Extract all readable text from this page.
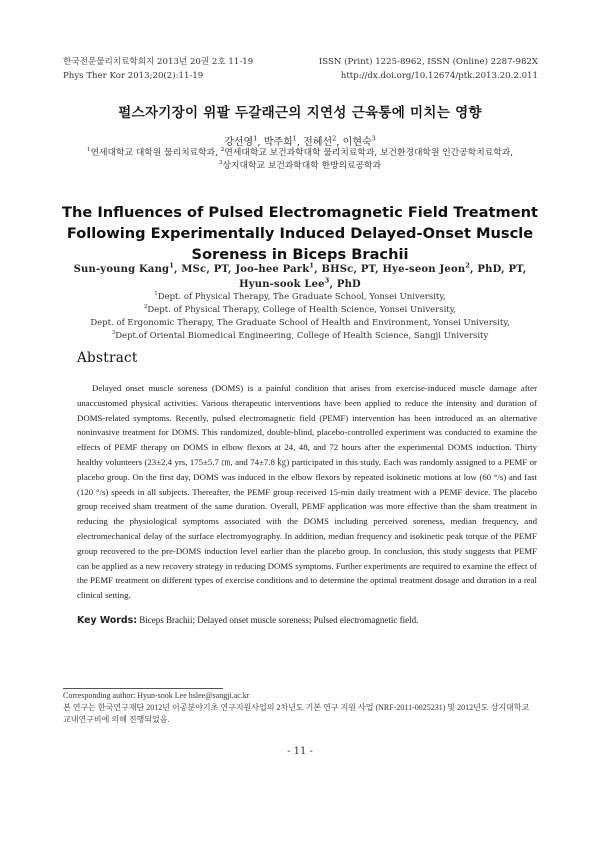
한국전문물리치료학회지 2013년 20권 2호 11-19
Phys Ther Kor 2013;20(2):11-19
ISSN (Print) 1225-8962, ISSN (Online) 2287-982X
http://dx.doi.org/10.12674/ptk.2013.20.2.011
펄스자기장이 위팔 두갈래근의 지연성 근육통에 미치는 영향
강선영$^1$, 박주희$^1$, 전혜선$^2$, 이현숙$^3$
$^1$연세대학교 대학원 물리치료학과, $^2$연세대학교 보건과학대학 물리치료학과, 보건환경대학원 인간공학치료학과,
$^3$상지대학교 보건과학대학 한방의료공학과
The Influences of Pulsed Electromagnetic Field Treatment Following Experimentally Induced Delayed-Onset Muscle Soreness in Biceps Brachii
Sun-young Kang$^1$, MSc, PT, Joo-hee Park$^1$, BHSc, PT, Hye-seon Jeon$^2$, PhD, PT,
Hyun-sook Lee$^3$, PhD
$^1$Dept. of Physical Therapy, The Graduate School, Yonsei University,
$^2$Dept. of Physical Therapy, College of Health Science, Yonsei University,
Dept. of Ergonomic Therapy, The Graduate School of Health and Environment, Yonsei University,
$^3$Dept.of Oriental Biomedical Engineering, College of Health Science, Sangji University
Abstract
Delayed onset muscle soreness (DOMS) is a painful condition that arises from exercise-induced muscle damage after unaccustomed physical activities. Various therapeutic interventions have been applied to reduce the intensity and duration of DOMS-related symptoms. Recently, pulsed electromagnetic field (PEMF) intervention has been introduced as an alternative noninvasive treatment for DOMS. This randomized, double-blind, placebo-controlled experiment was conducted to examine the effects of PEMF therapy on DOMS in elbow flexors at 24, 48, and 72 hours after the experimental DOMS induction. Thirty healthy volunteers (23±2.4 yrs, 175±5.7 ㎝, and 74±7.8 ㎏) participated in this study. Each was randomly assigned to a PEMF or placebo group. On the first day, DOMS was induced in the elbow flexors by repeated isokinetic motions at low (60 °/s) and fast (120 °/s) speeds in all subjects. Thereafter, the PEMF group received 15-min daily treatment with a PEMF device. The placebo group received sham treatment of the same duration. Overall, PEMF application was more effective than the sham treatment in reducing the physiological symptoms associated with the DOMS including perceived soreness, median frequency, and electromechanical delay of the surface electromyography. In addition, median frequency and isokinetic peak torque of the PEMF group recovered to the pre-DOMS induction level earlier than the placebo group. In conclusion, this study suggests that PEMF can be applied as a new recovery strategy in reducing DOMS symptoms. Further experiments are required to examine the effect of the PEMF treatment on different types of exercise conditions and to determine the optimal treatment dosage and duration in a real clinical setting.
Key Words: Biceps Brachii; Delayed onset muscle soreness; Pulsed electromagnetic field.
Corresponding author: Hyun-sook Lee hslee@sangji.ac.kr
본 연구는 한국연구재단 2012년 이공분야기초 연구지원사업의 2차년도 기본 연구 지원 사업 (NRF-2011-0025231) 및 2012년도 상지대학교 교내연구비에 의해 진행되었음.
- 11 -
